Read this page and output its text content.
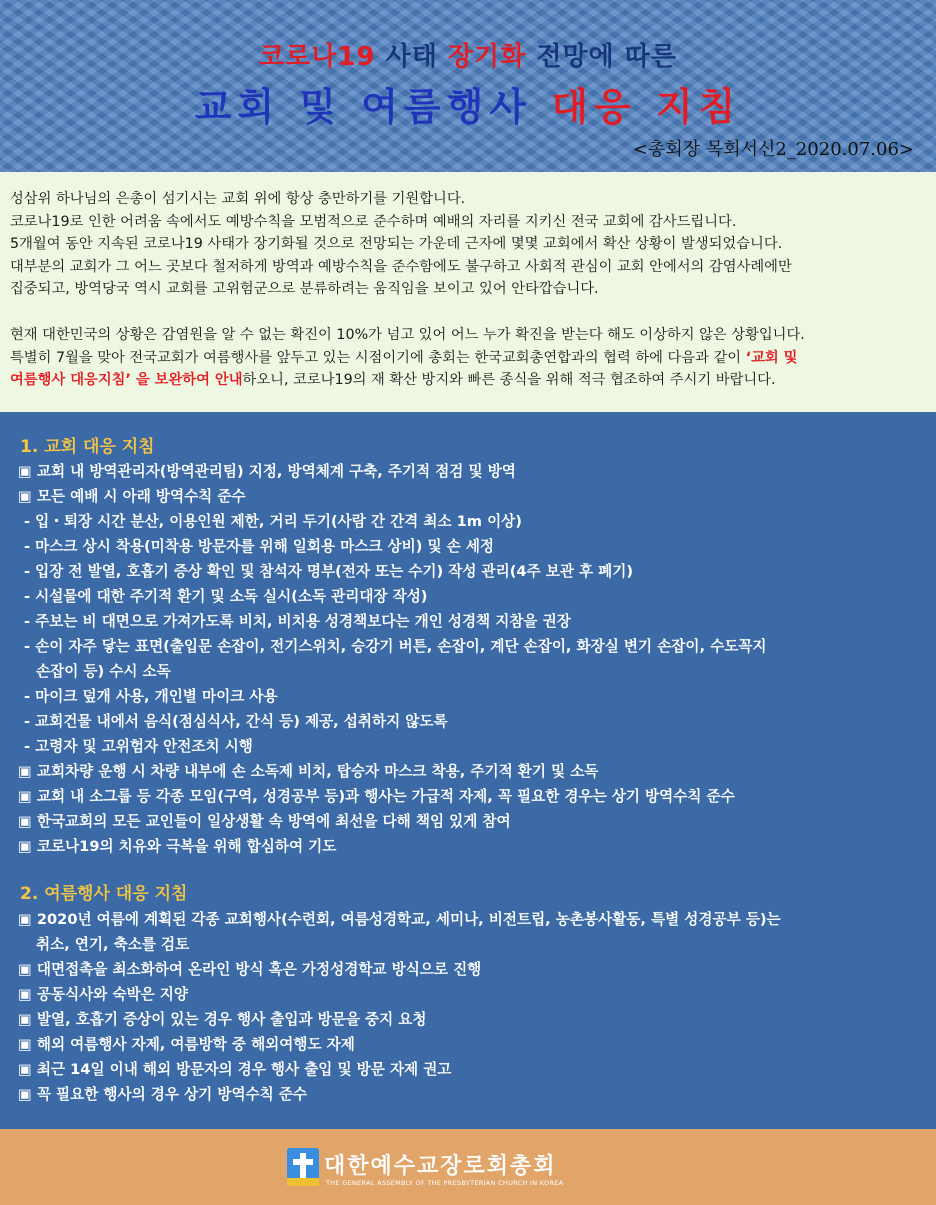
코로나19 사태 장기화 전망에 따른
교회 및 여름행사 대응 지침
<총회장 목회서신2_2020.07.06>

성삼위 하나님의 은총이 섬기시는 교회 위에 항상 충만하기를 기원합니다.

코로나19로 인한 어려움 속에서도 예방수칙을 모범적으로 준수하며 예배의 자리를 지키신 전국 교회에 감사드립니다.

5개월여 동안 지속된 코로나19 사태가 장기화될 것으로 전망되는 가운데 근자에 몇몇 교회에서 확산 상황이 발생되었습니다.

대부분의 교회가 그 어느 곳보다 철저하게 방역과 예방수칙을 준수함에도 불구하고 사회적 관심이 교회 안에서의 감염사례에만

집중되고, 방역당국 역시 교회를 고위험군으로 분류하려는 움직임을 보이고 있어 안타깝습니다.

현재 대한민국의 상황은 감염원을 알 수 없는 확진이 10%가 넘고 있어 어느 누가 확진을 받는다 해도 이상하지 않은 상황입니다.

특별히 7월을 맞아 전국교회가 여름행사를 앞두고 있는 시점이기에 총회는 한국교회총연합과의 협력 하에 다음과 같이 ‘교회 및

여름행사 대응지침’ 을 보완하여 안내하오니, 코로나19의 재 확산 방지와 빠른 종식을 위해 적극 협조하여 주시기 바랍니다.

1. 교회 대응 지침
▣ 교회 내 방역관리자(방역관리팀) 지정, 방역체계 구축, 주기적 점검 및 방역
▣ 모든 예배 시 아래 방역수칙 준수
- 입・퇴장 시간 분산, 이용인원 제한, 거리 두기(사람 간 간격 최소 1m 이상)
- 마스크 상시 착용(미착용 방문자를 위해 일회용 마스크 상비) 및 손 세정
- 입장 전 발열, 호흡기 증상 확인 및 참석자 명부(전자 또는 수기) 작성 관리(4주 보관 후 폐기)
- 시설물에 대한 주기적 환기 및 소독 실시(소독 관리대장 작성)
- 주보는 비 대면으로 가져가도록 비치, 비치용 성경책보다는 개인 성경책 지참을 권장
- 손이 자주 닿는 표면(출입문 손잡이, 전기스위치, 승강기 버튼, 손잡이, 계단 손잡이, 화장실 변기 손잡이, 수도꼭지
손잡이 등) 수시 소독
- 마이크 덮개 사용, 개인별 마이크 사용
- 교회건물 내에서 음식(점심식사, 간식 등) 제공, 섭취하지 않도록
- 고령자 및 고위험자 안전조치 시행
▣ 교회차량 운행 시 차량 내부에 손 소독제 비치, 탑승자 마스크 착용, 주기적 환기 및 소독
▣ 교회 내 소그룹 등 각종 모임(구역, 성경공부 등)과 행사는 가급적 자제, 꼭 필요한 경우는 상기 방역수칙 준수
▣ 한국교회의 모든 교인들이 일상생활 속 방역에 최선을 다해 책임 있게 참여
▣ 코로나19의 치유와 극복을 위해 합심하여 기도
2. 여름행사 대응 지침
▣ 2020년 여름에 계획된 각종 교회행사(수련회, 여름성경학교, 세미나, 비전트립, 농촌봉사활동, 특별 성경공부 등)는
취소, 연기, 축소를 검토
▣ 대면접촉을 최소화하여 온라인 방식 혹은 가정성경학교 방식으로 진행
▣ 공동식사와 숙박은 지양
▣ 발열, 호흡기 증상이 있는 경우 행사 출입과 방문을 중지 요청
▣ 해외 여름행사 자제, 여름방학 중 해외여행도 자제
▣ 최근 14일 이내 해외 방문자의 경우 행사 출입 및 방문 자제 권고
▣ 꼭 필요한 행사의 경우 상기 방역수칙 준수
대한예수교장로회총회
THE GENERAL ASSEMBLY OF THE PRESBYTERIAN CHURCH IN KOREA
